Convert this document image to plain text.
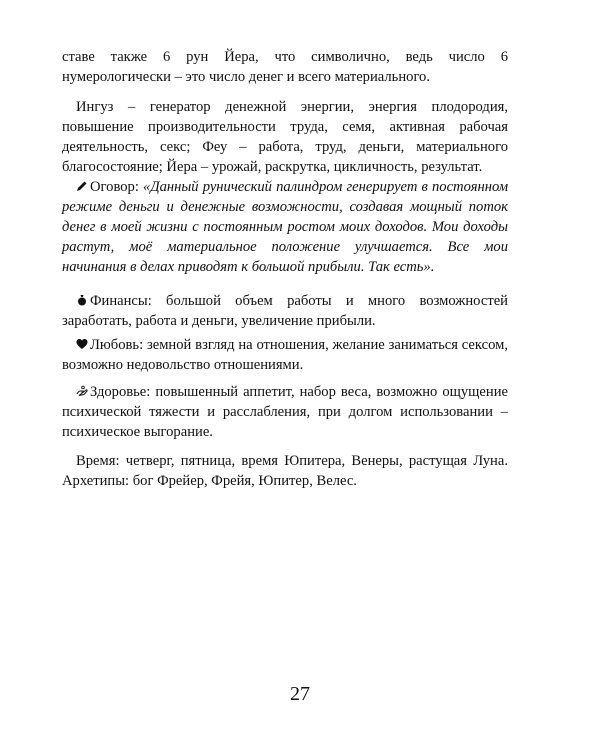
ставе также 6 рун Йера, что символично, ведь число 6 нумерологически – это число денег и всего материального.

Ингуз – генератор денежной энергии, энергия плодородия, повышение производительности труда, семя, активная рабочая деятельность, секс; Феу – работа, труд, деньги, материального благосостояние; Йера – урожай, раскрутка, цикличность, результат.

Оговор: «Данный рунический палиндром генерирует в постоянном режиме деньги и денежные возможности, создавая мощный поток денег в моей жизни с постоянным ростом моих доходов. Мои доходы растут, моё материальное положение улучшается. Все мои начинания в делах приводят к большой прибыли. Так есть».

Финансы: большой объем работы и много возможностей заработать, работа и деньги, увеличение прибыли.

Любовь: земной взгляд на отношения, желание заниматься сексом, возможно недовольство отношениями.

Здоровье: повышенный аппетит, набор веса, возможно ощущение психической тяжести и расслабления, при долгом использовании – психическое выгорание.

Время: четверг, пятница, время Юпитера, Венеры, растущая Луна. Архетипы: бог Фрейер, Фрейя, Юпитер, Велес.

27
